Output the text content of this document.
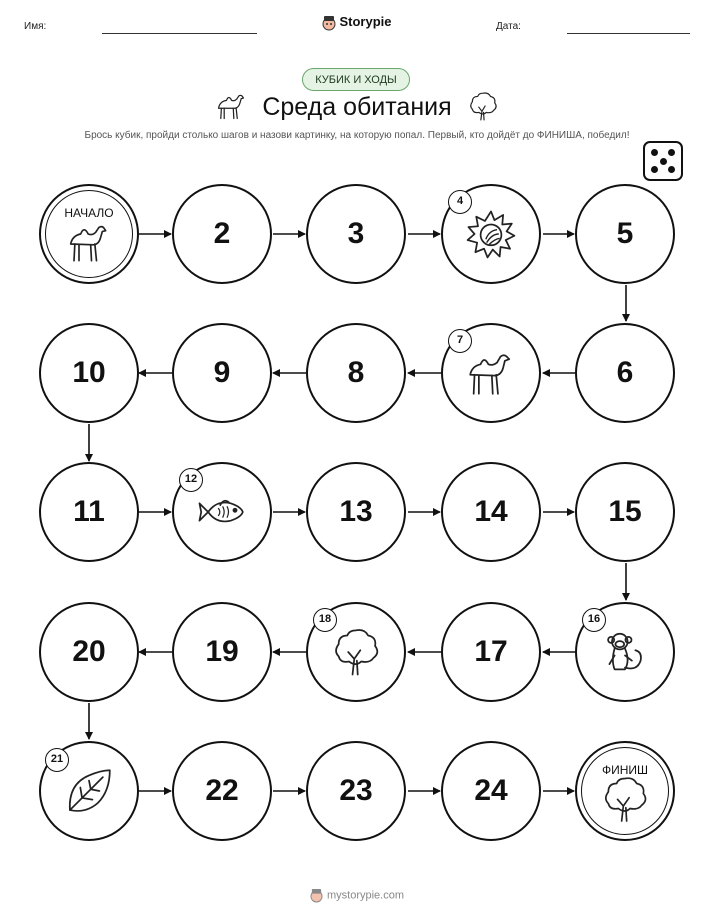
Имя:	Storypie	Дата:
КУБИК И ХОДЫ
Среда обитания
Брось кубик, пройди столько шагов и назови картинку, на которую попал. Первый, кто дойдёт до ФИНИША, победил!
НАЧАЛО
2	3
4
5
10	9	8
7
6
11
12
13	14	15
20	19
18
17
16
21
22	23	24
ФИНИШ
mystorypie.com
